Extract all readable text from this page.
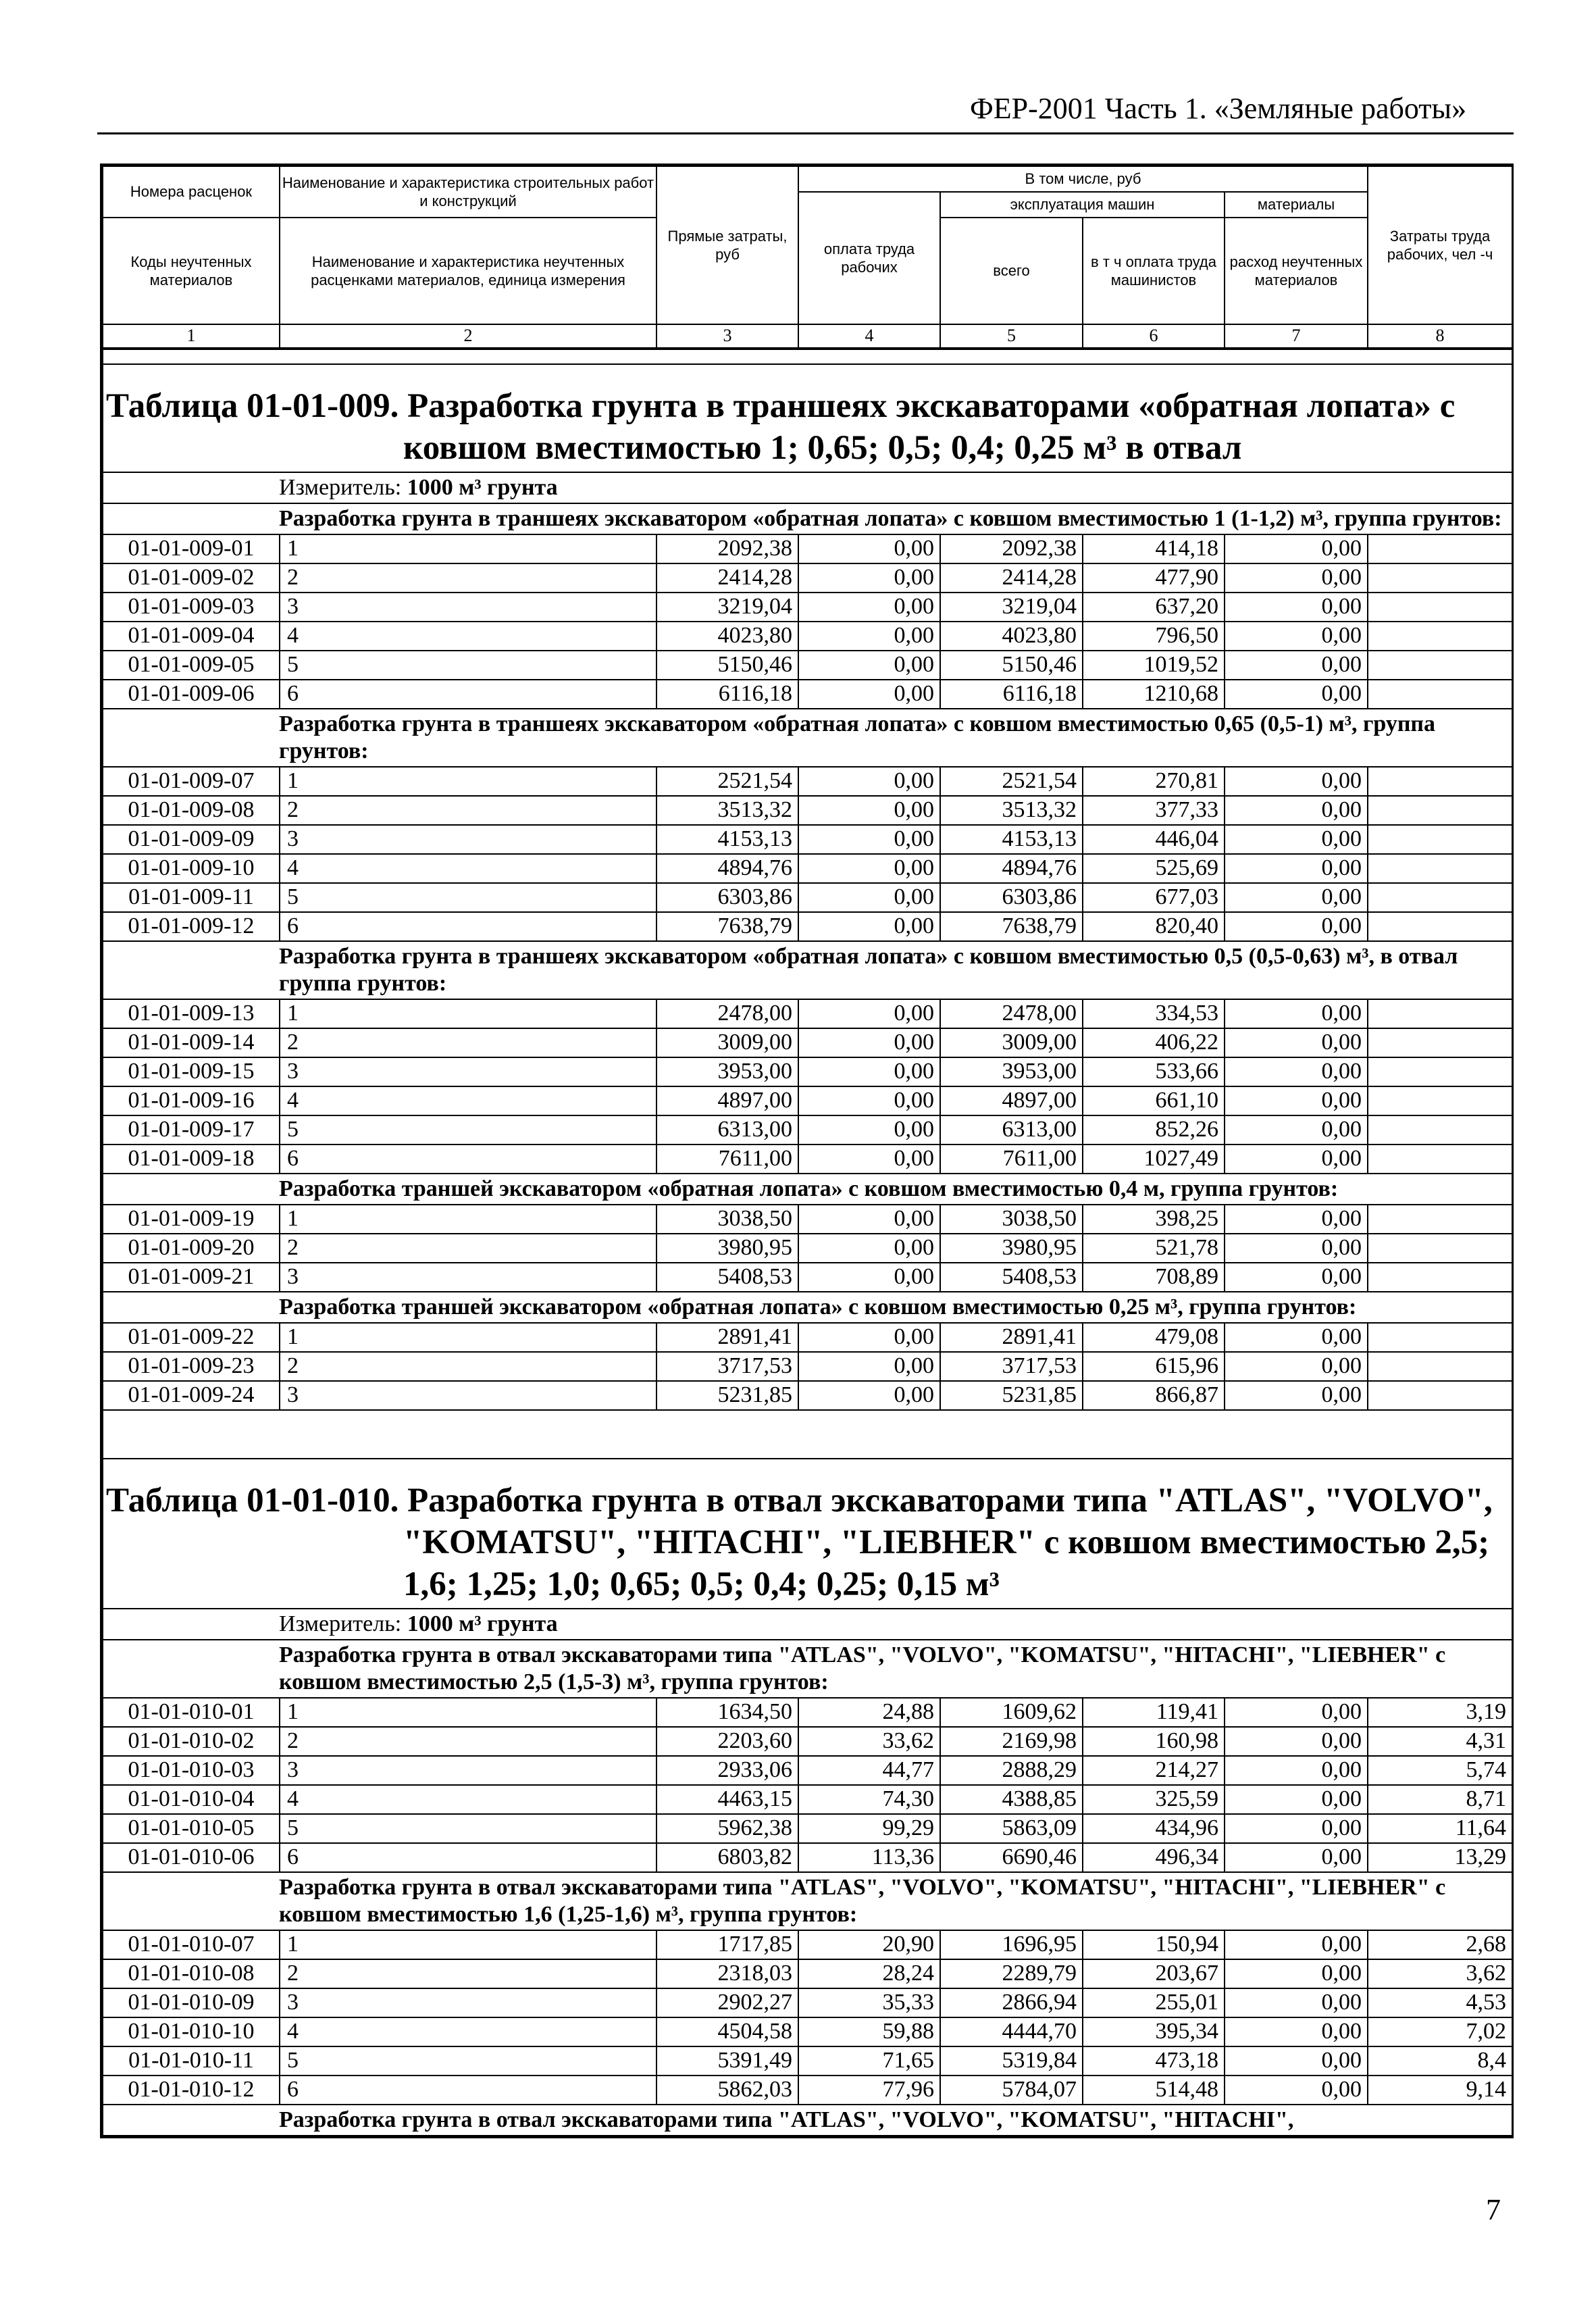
ФЕР-2001 Часть 1. «Земляные работы»
Номера расценок	Наименование и характеристика строительных работ и конструкций	Прямые затраты, руб	В том числе, руб				Затраты труда рабочих, чел -ч
			оплата труда рабочих	эксплуатация машин		материалы	
Коды неучтенных материалов	Наименование и характеристика неучтенных расценками материалов, единица измерения			всего	в т ч оплата труда машинистов	расход неучтенных материалов	
1	2	3	4	5	6	7	8

Таблица 01-01-009. Разработка грунта в траншеях экскаваторами «обратная лопата» с
ковшом вместимостью 1; 0,65; 0,5; 0,4; 0,25 м³ в отвал							

Измеритель: 1000 м³ грунта							
Разработка грунта в траншеях экскаватором «обратная лопата» с ковшом вместимостью 1 (1-1,2) м³, группа грунтов:							
01-01-009-01	1	2092,38	0,00	2092,38	414,18	0,00	
01-01-009-02	2	2414,28	0,00	2414,28	477,90	0,00	
01-01-009-03	3	3219,04	0,00	3219,04	637,20	0,00	
01-01-009-04	4	4023,80	0,00	4023,80	796,50	0,00	
01-01-009-05	5	5150,46	0,00	5150,46	1019,52	0,00	
01-01-009-06	6	6116,18	0,00	6116,18	1210,68	0,00	
Разработка грунта в траншеях экскаватором «обратная лопата» с ковшом вместимостью 0,65 (0,5-1) м³, группа грунтов:							
01-01-009-07	1	2521,54	0,00	2521,54	270,81	0,00	
01-01-009-08	2	3513,32	0,00	3513,32	377,33	0,00	
01-01-009-09	3	4153,13	0,00	4153,13	446,04	0,00	
01-01-009-10	4	4894,76	0,00	4894,76	525,69	0,00	
01-01-009-11	5	6303,86	0,00	6303,86	677,03	0,00	
01-01-009-12	6	7638,79	0,00	7638,79	820,40	0,00	
Разработка грунта в траншеях экскаватором «обратная лопата» с ковшом вместимостью 0,5 (0,5-0,63) м³, в отвал группа грунтов:							
01-01-009-13	1	2478,00	0,00	2478,00	334,53	0,00	
01-01-009-14	2	3009,00	0,00	3009,00	406,22	0,00	
01-01-009-15	3	3953,00	0,00	3953,00	533,66	0,00	
01-01-009-16	4	4897,00	0,00	4897,00	661,10	0,00	
01-01-009-17	5	6313,00	0,00	6313,00	852,26	0,00	
01-01-009-18	6	7611,00	0,00	7611,00	1027,49	0,00	
Разработка траншей экскаватором «обратная лопата» с ковшом вместимостью 0,4 м, группа грунтов:							
01-01-009-19	1	3038,50	0,00	3038,50	398,25	0,00	
01-01-009-20	2	3980,95	0,00	3980,95	521,78	0,00	
01-01-009-21	3	5408,53	0,00	5408,53	708,89	0,00	
Разработка траншей экскаватором «обратная лопата» с ковшом вместимостью 0,25 м³, группа грунтов:							
01-01-009-22	1	2891,41	0,00	2891,41	479,08	0,00	
01-01-009-23	2	3717,53	0,00	3717,53	615,96	0,00	
01-01-009-24	3	5231,85	0,00	5231,85	866,87	0,00	

Таблица 01-01-010. Разработка грунта в отвал экскаваторами типа "ATLAS", "VOLVO",
"KOMATSU", "HITACHI", "LIEBHER" с ковшом вместимостью 2,5;
1,6; 1,25; 1,0; 0,65; 0,5; 0,4; 0,25; 0,15 м³							

Измеритель: 1000 м³ грунта							
Разработка грунта в отвал экскаваторами типа "ATLAS", "VOLVO", "KOMATSU", "HITACHI", "LIEBHER" с ковшом вместимостью 2,5 (1,5-3) м³, группа грунтов:							
01-01-010-01	1	1634,50	24,88	1609,62	119,41	0,00	3,19
01-01-010-02	2	2203,60	33,62	2169,98	160,98	0,00	4,31
01-01-010-03	3	2933,06	44,77	2888,29	214,27	0,00	5,74
01-01-010-04	4	4463,15	74,30	4388,85	325,59	0,00	8,71
01-01-010-05	5	5962,38	99,29	5863,09	434,96	0,00	11,64
01-01-010-06	6	6803,82	113,36	6690,46	496,34	0,00	13,29
Разработка грунта в отвал экскаваторами типа "ATLAS", "VOLVO", "KOMATSU", "HITACHI", "LIEBHER" с ковшом вместимостью 1,6 (1,25-1,6) м³, группа грунтов:							
01-01-010-07	1	1717,85	20,90	1696,95	150,94	0,00	2,68
01-01-010-08	2	2318,03	28,24	2289,79	203,67	0,00	3,62
01-01-010-09	3	2902,27	35,33	2866,94	255,01	0,00	4,53
01-01-010-10	4	4504,58	59,88	4444,70	395,34	0,00	7,02
01-01-010-11	5	5391,49	71,65	5319,84	473,18	0,00	8,4
01-01-010-12	6	5862,03	77,96	5784,07	514,48	0,00	9,14
Разработка грунта в отвал экскаваторами типа "ATLAS", "VOLVO", "KOMATSU", "HITACHI",							
7
